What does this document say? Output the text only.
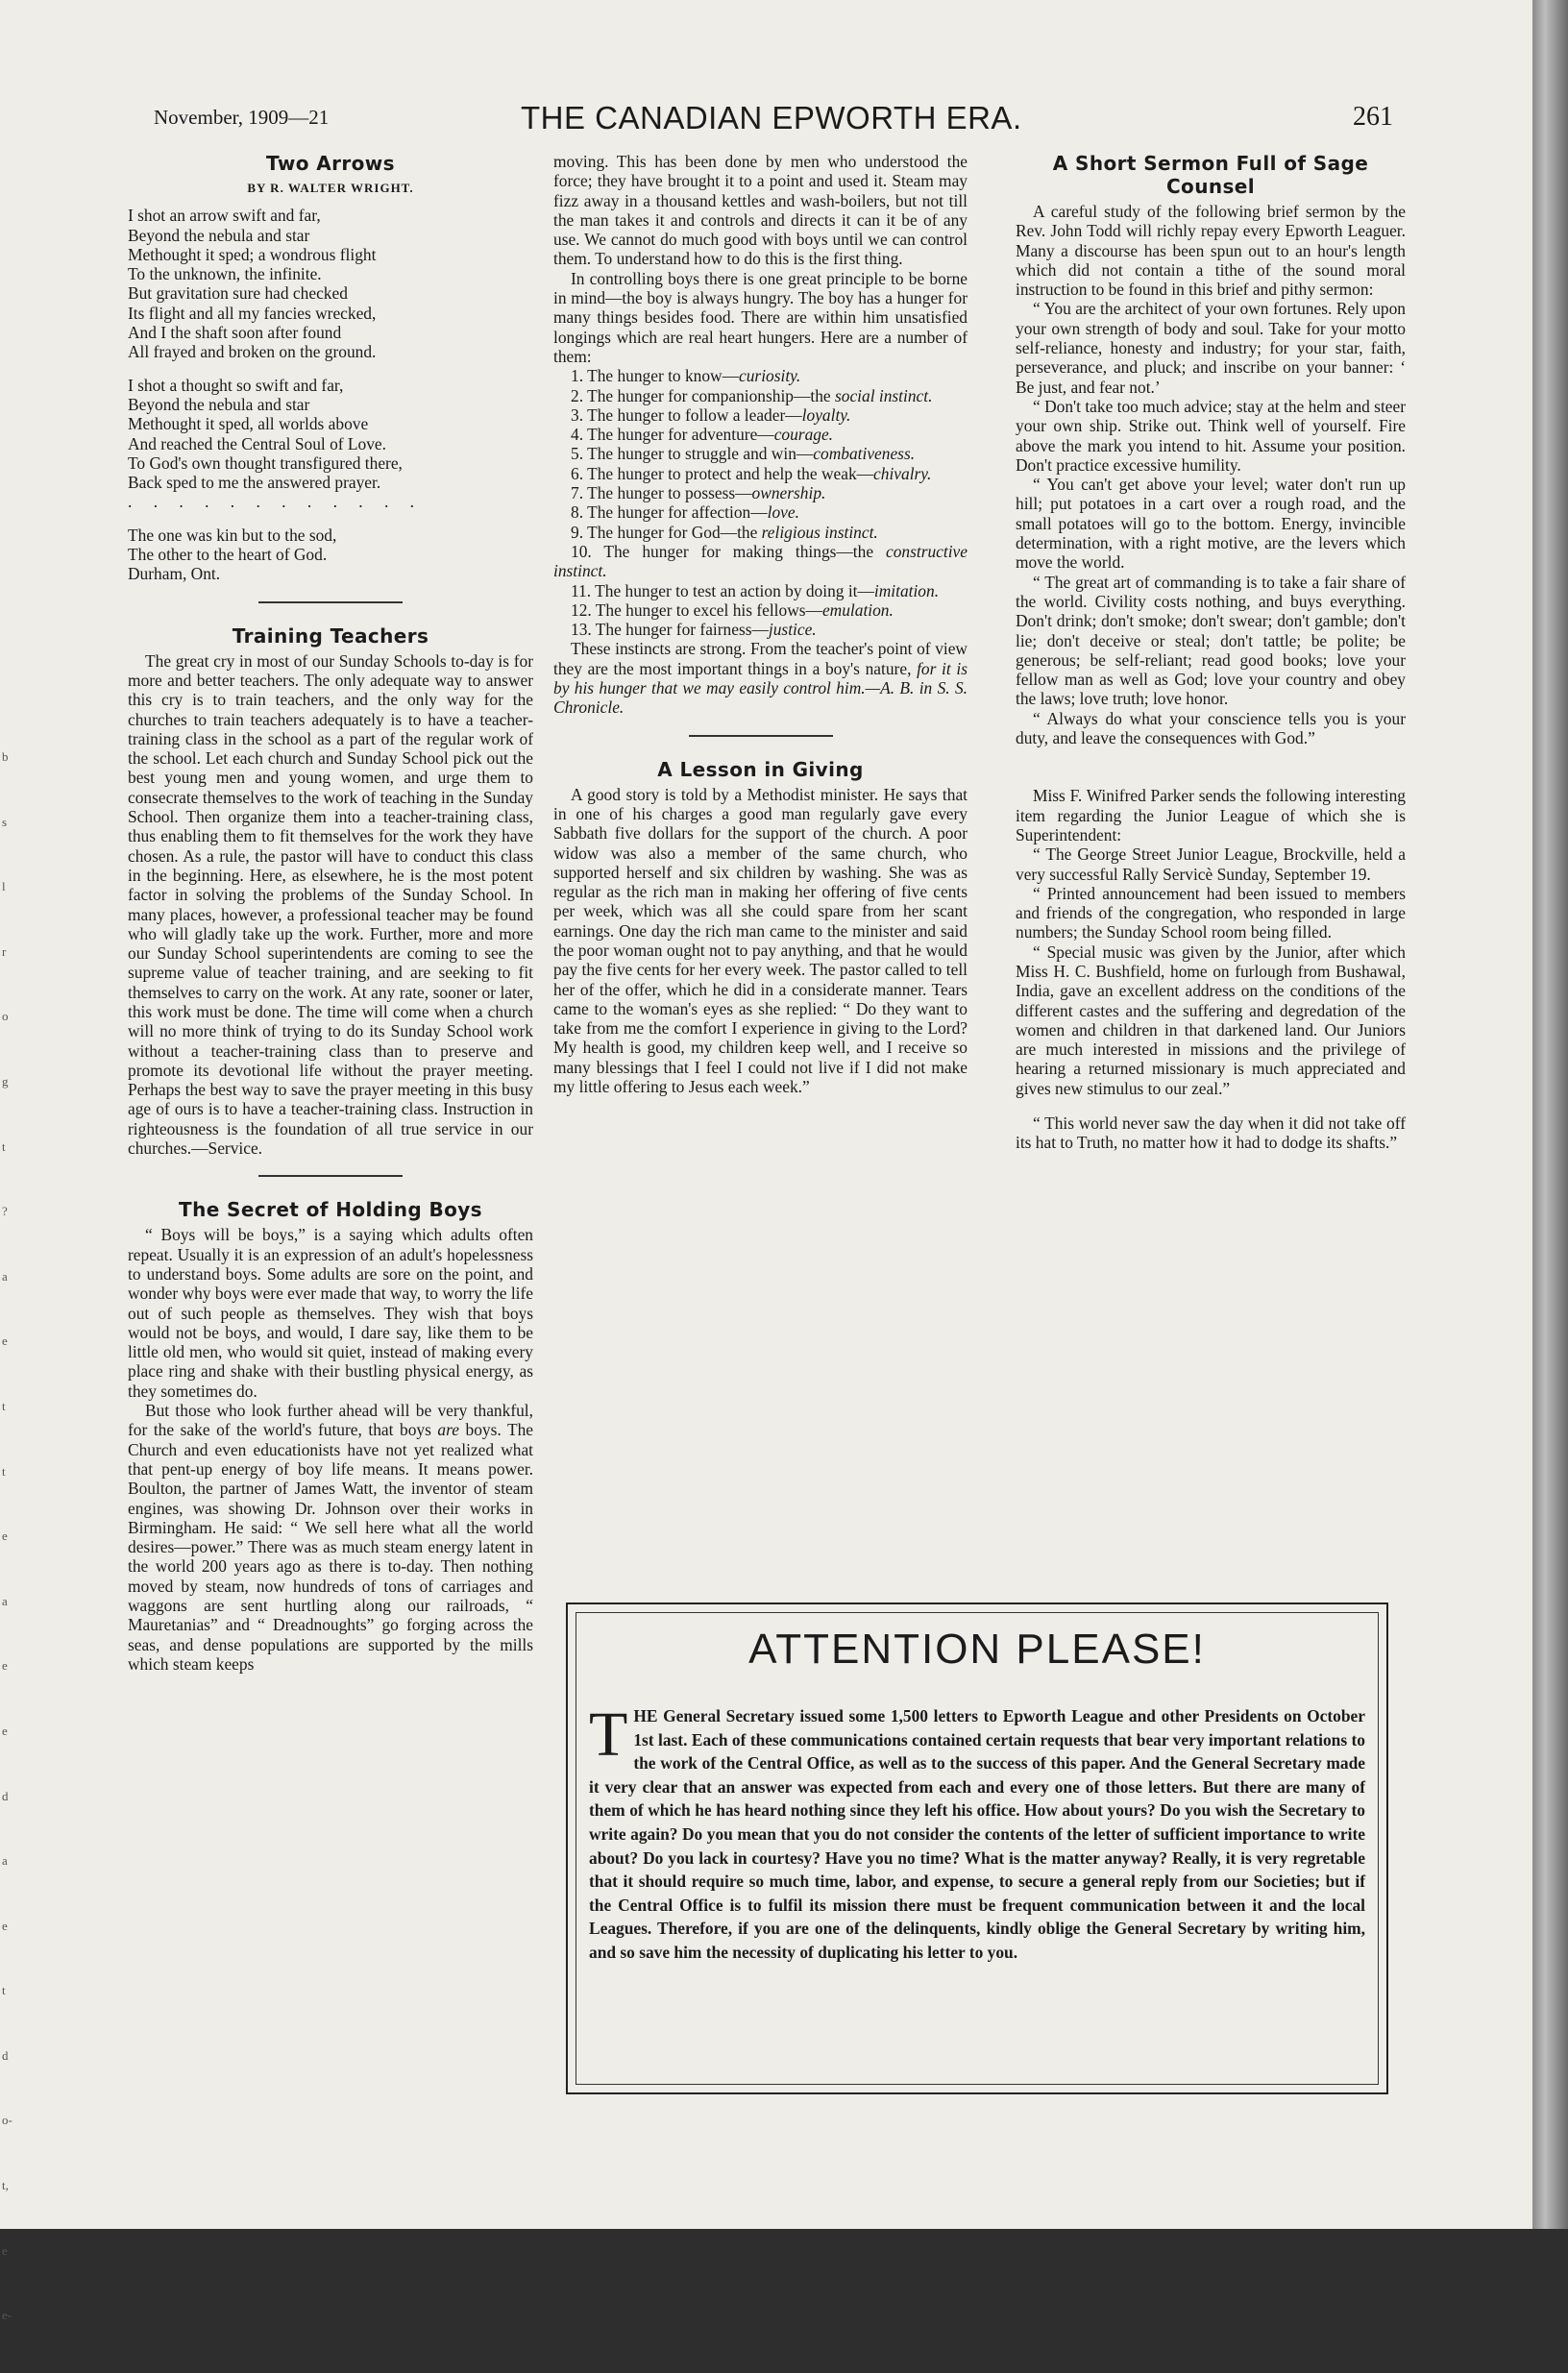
b
s
l
r
o
g
t
?
a
e
t
t
e
a
e
e
d
a
e
t
d
o-
t,
e
e-
November, 1909—21	THE CANADIAN EPWORTH ERA.	261
Two Arrows
BY R. WALTER WRIGHT.
I shot an arrow swift and far,
Beyond the nebula and star
Methought it sped; a wondrous flight
To the unknown, the infinite.
But gravitation sure had checked
Its flight and all my fancies wrecked,
And I the shaft soon after found
All frayed and broken on the ground.
I shot a thought so swift and far,
Beyond the nebula and star
Methought it sped, all worlds above
And reached the Central Soul of Love.
To God's own thought transfigured there,
Back sped to me the answered prayer.
. . . . . . . . . . . .
The one was kin but to the sod,
The other to the heart of God.
Durham, Ont.
Training Teachers

The great cry in most of our Sunday Schools to-day is for more and better teachers. The only adequate way to answer this cry is to train teachers, and the only way for the churches to train teachers adequately is to have a teacher-training class in the school as a part of the regular work of the school. Let each church and Sunday School pick out the best young men and young women, and urge them to consecrate themselves to the work of teaching in the Sunday School. Then organize them into a teacher-training class, thus enabling them to fit themselves for the work they have chosen. As a rule, the pastor will have to conduct this class in the beginning. Here, as elsewhere, he is the most potent factor in solving the problems of the Sunday School. In many places, however, a professional teacher may be found who will gladly take up the work. Further, more and more our Sunday School superintendents are coming to see the supreme value of teacher training, and are seeking to fit themselves to carry on the work. At any rate, sooner or later, this work must be done. The time will come when a church will no more think of trying to do its Sunday School work without a teacher-training class than to preserve and promote its devotional life without the prayer meeting. Perhaps the best way to save the prayer meeting in this busy age of ours is to have a teacher-training class. Instruction in righteousness is the foundation of all true service in our churches.—Service.

The Secret of Holding Boys

“ Boys will be boys,” is a saying which adults often repeat. Usually it is an expression of an adult's hopelessness to understand boys. Some adults are sore on the point, and wonder why boys were ever made that way, to worry the life out of such people as themselves. They wish that boys would not be boys, and would, I dare say, like them to be little old men, who would sit quiet, instead of making every place ring and shake with their bustling physical energy, as they sometimes do.

But those who look further ahead will be very thankful, for the sake of the world's future, that boys are boys. The Church and even educationists have not yet realized what that pent-up energy of boy life means. It means power. Boulton, the partner of James Watt, the inventor of steam engines, was showing Dr. Johnson over their works in Birmingham. He said: “ We sell here what all the world desires—power.” There was as much steam energy latent in the world 200 years ago as there is to-day. Then nothing moved by steam, now hundreds of tons of carriages and waggons are sent hurtling along our railroads, “ Mauretanias” and “ Dreadnoughts” go forging across the seas, and dense populations are supported by the mills which steam keeps

moving. This has been done by men who understood the force; they have brought it to a point and used it. Steam may fizz away in a thousand kettles and wash-boilers, but not till the man takes it and controls and directs it can it be of any use. We cannot do much good with boys until we can control them. To understand how to do this is the first thing.

In controlling boys there is one great principle to be borne in mind—the boy is always hungry. The boy has a hunger for many things besides food. There are within him unsatisfied longings which are real heart hungers. Here are a number of them:

1. The hunger to know—curiosity.
2. The hunger for companionship—the social instinct.
3. The hunger to follow a leader—loyalty.
4. The hunger for adventure—courage.
5. The hunger to struggle and win—combativeness.
6. The hunger to protect and help the weak—chivalry.
7. The hunger to possess—ownership.
8. The hunger for affection—love.
9. The hunger for God—the religious instinct.
10. The hunger for making things—the constructive instinct.
11. The hunger to test an action by doing it—imitation.
12. The hunger to excel his fellows—emulation.
13. The hunger for fairness—justice.

These instincts are strong. From the teacher's point of view they are the most important things in a boy's nature, for it is by his hunger that we may easily control him.—A. B. in S. S. Chronicle.

A Lesson in Giving

A good story is told by a Methodist minister. He says that in one of his charges a good man regularly gave every Sabbath five dollars for the support of the church. A poor widow was also a member of the same church, who supported herself and six children by washing. She was as regular as the rich man in making her offering of five cents per week, which was all she could spare from her scant earnings. One day the rich man came to the minister and said the poor woman ought not to pay anything, and that he would pay the five cents for her every week. The pastor called to tell her of the offer, which he did in a considerate manner. Tears came to the woman's eyes as she replied: “ Do they want to take from me the comfort I experience in giving to the Lord? My health is good, my children keep well, and I receive so many blessings that I feel I could not live if I did not make my little offering to Jesus each week.”

A Short Sermon Full of Sage Counsel

A careful study of the following brief sermon by the Rev. John Todd will richly repay every Epworth Leaguer. Many a discourse has been spun out to an hour's length which did not contain a tithe of the sound moral instruction to be found in this brief and pithy sermon:

“ You are the architect of your own fortunes. Rely upon your own strength of body and soul. Take for your motto self-reliance, honesty and industry; for your star, faith, perseverance, and pluck; and inscribe on your banner: ‘ Be just, and fear not.’

“ Don't take too much advice; stay at the helm and steer your own ship. Strike out. Think well of yourself. Fire above the mark you intend to hit. Assume your position. Don't practice excessive humility.

“ You can't get above your level; water don't run up hill; put potatoes in a cart over a rough road, and the small potatoes will go to the bottom. Energy, invincible determination, with a right motive, are the levers which move the world.

“ The great art of commanding is to take a fair share of the world. Civility costs nothing, and buys everything. Don't drink; don't smoke; don't swear; don't gamble; don't lie; don't deceive or steal; don't tattle; be polite; be generous; be self-reliant; read good books; love your fellow man as well as God; love your country and obey the laws; love truth; love honor.

“ Always do what your conscience tells you is your duty, and leave the consequences with God.”

Miss F. Winifred Parker sends the following interesting item regarding the Junior League of which she is Superintendent:

“ The George Street Junior League, Brockville, held a very successful Rally Servicè Sunday, September 19.

“ Printed announcement had been issued to members and friends of the congregation, who responded in large numbers; the Sunday School room being filled.

“ Special music was given by the Junior, after which Miss H. C. Bushfield, home on furlough from Bushawal, India, gave an excellent address on the conditions of the different castes and the suffering and degredation of the women and children in that darkened land. Our Juniors are much interested in missions and the privilege of hearing a returned missionary is much appreciated and gives new stimulus to our zeal.”

“ This world never saw the day when it did not take off its hat to Truth, no matter how it had to dodge its shafts.”

ATTENTION PLEASE!
THE General Secretary issued some 1,500 letters to Epworth League and other Presidents on October 1st last. Each of these communications contained certain requests that bear very important relations to the work of the Central Office, as well as to the success of this paper. And the General Secretary made it very clear that an answer was expected from each and every one of those letters. But there are many of them of which he has heard nothing since they left his office. How about yours? Do you wish the Secretary to write again? Do you mean that you do not consider the contents of the letter of sufficient importance to write about? Do you lack in courtesy? Have you no time? What is the matter anyway? Really, it is very regretable that it should require so much time, labor, and expense, to secure a general reply from our Societies; but if the Central Office is to fulfil its mission there must be frequent communication between it and the local Leagues. Therefore, if you are one of the delinquents, kindly oblige the General Secretary by writing him, and so save him the necessity of duplicating his letter to you.
